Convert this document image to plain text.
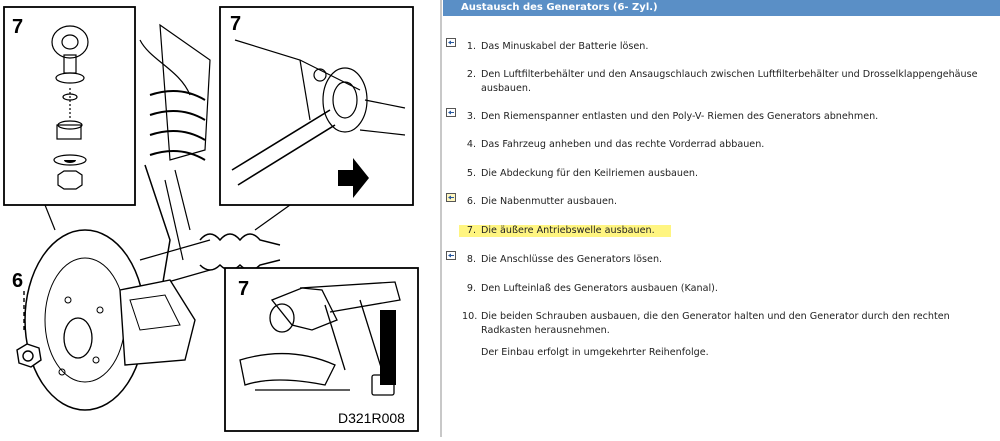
7	7
7
D321R008
6
Austausch des Generators (6- Zyl.)
1. Das Minuskabel der Batterie lösen.
2. Den Luftfilterbehälter und den Ansaugschlauch zwischen Luftfilterbehälter und Drosselklappengehäuse ausbauen.
3. Den Riemenspanner entlasten und den Poly-V- Riemen des Generators abnehmen.
4. Das Fahrzeug anheben und das rechte Vorderrad abbauen.
5. Die Abdeckung für den Keilriemen ausbauen.
6. Die Nabenmutter ausbauen.
7. Die äußere Antriebswelle ausbauen.
8. Die Anschlüsse des Generators lösen.
9. Den Lufteinlaß des Generators ausbauen (Kanal).
10. Die beiden Schrauben ausbauen, die den Generator halten und den Generator durch den rechten Radkasten herausnehmen.
Der Einbau erfolgt in umgekehrter Reihenfolge.
